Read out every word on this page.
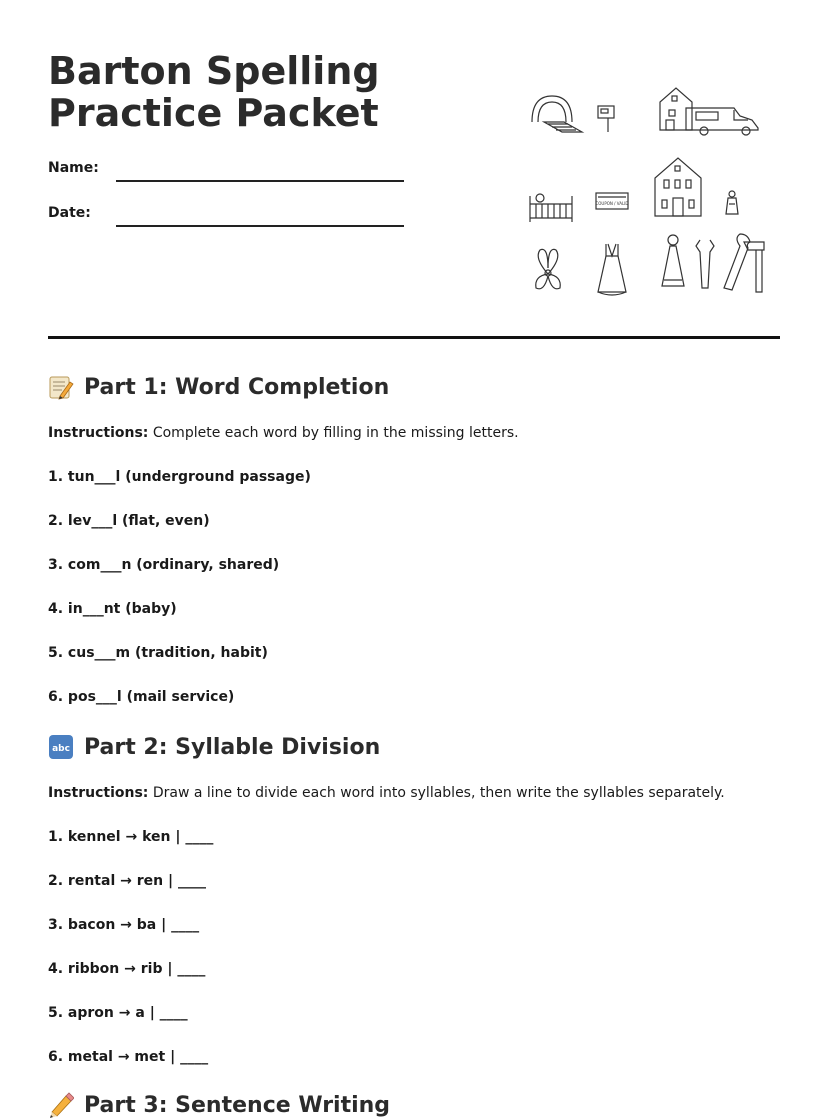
Barton Spelling Practice Packet
Name:
Date:
COUPON / VALID
Part 1: Word Completion
Instructions: Complete each word by filling in the missing letters.
1. tun___l (underground passage)
2. lev___l (flat, even)
3. com___n (ordinary, shared)
4. in___nt (baby)
5. cus___m (tradition, habit)
6. pos___l (mail service)
abc Part 2: Syllable Division
Instructions: Draw a line to divide each word into syllables, then write the syllables separately.
1. kennel → ken | ____
2. rental → ren | ____
3. bacon → ba | ____
4. ribbon → rib | ____
5. apron → a | ____
6. metal → met | ____
Part 3: Sentence Writing
